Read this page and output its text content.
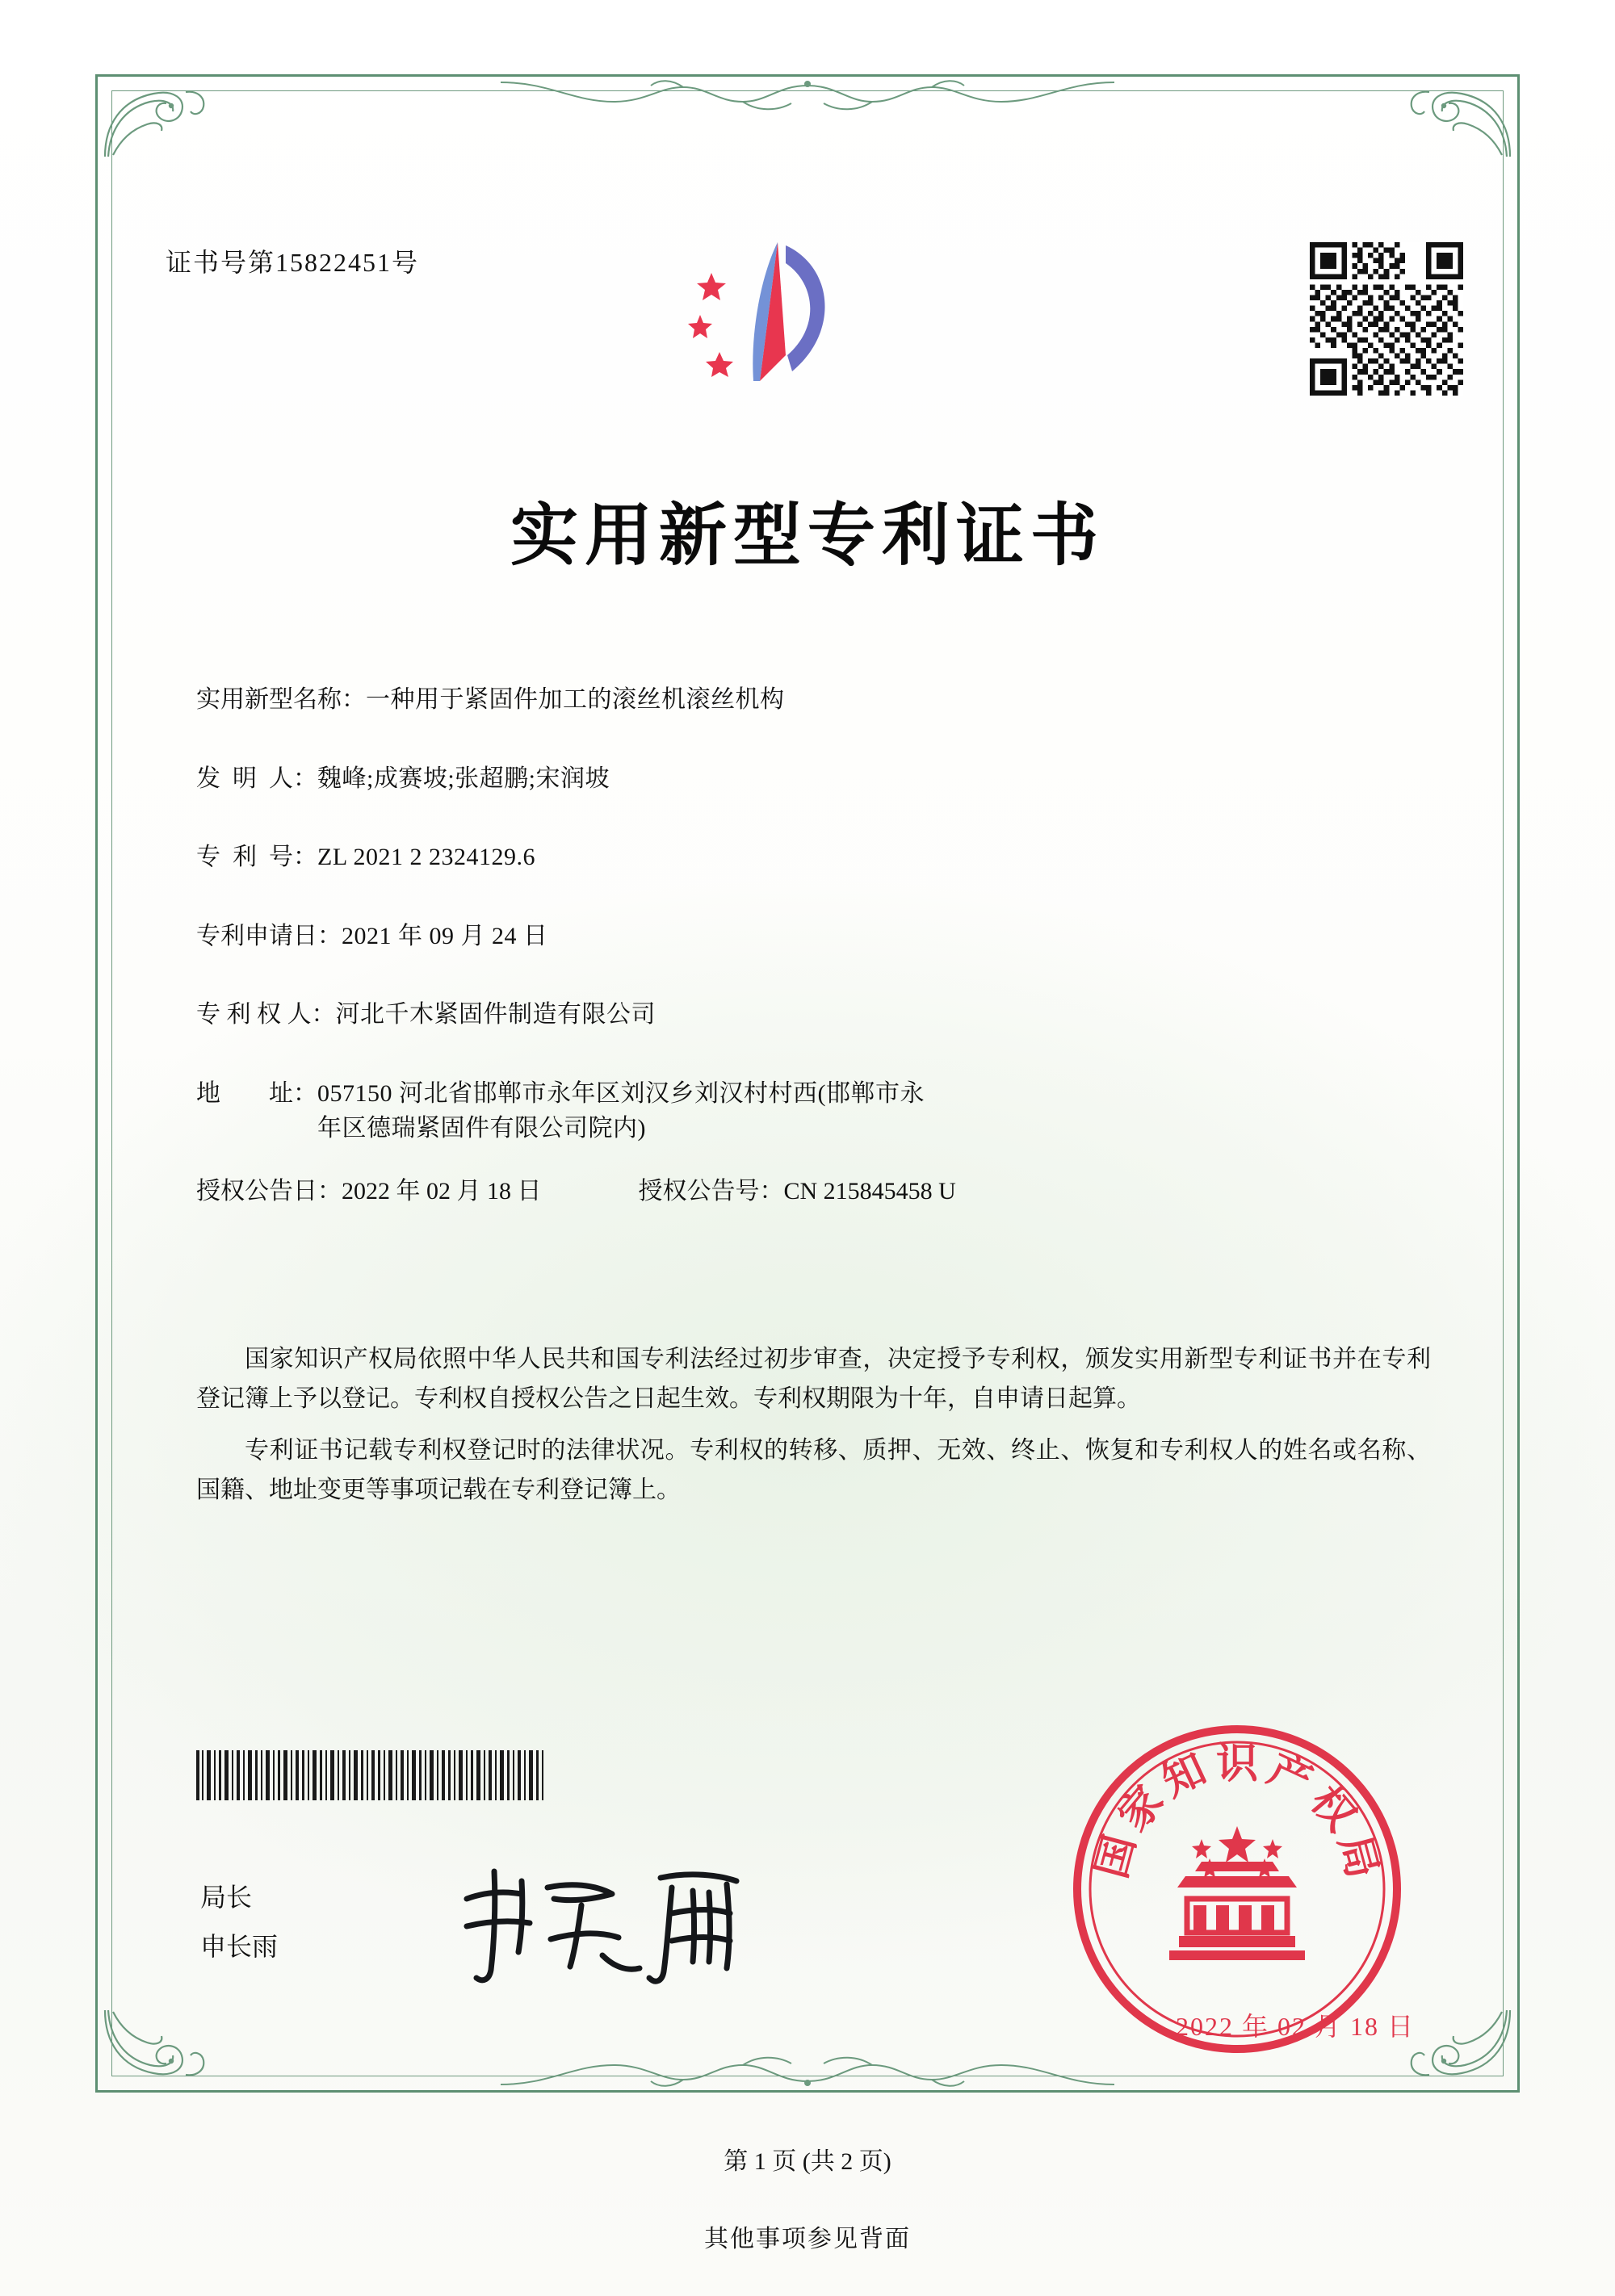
证书号第15822451号
实用新型专利证书
实用新型名称： 一种用于紧固件加工的滚丝机滚丝机构
发  明  人： 魏峰;成赛坡;张超鹏;宋润坡
专  利  号： ZL 2021 2 2324129.6
专利申请日： 2021 年 09 月 24 日
专 利 权 人： 河北千木紧固件制造有限公司
地        址： 057150 河北省邯郸市永年区刘汉乡刘汉村村西(邯郸市永
年区德瑞紧固件有限公司院内)
授权公告日： 2022 年 02 月 18 日	授权公告号： CN 215845458 U

国家知识产权局依照中华人民共和国专利法经过初步审查，决定授予专利权，颁发实用新型专利证书并在专利登记簿上予以登记。专利权自授权公告之日起生效。专利权期限为十年，自申请日起算。

专利证书记载专利权登记时的法律状况。专利权的转移、质押、无效、终止、恢复和专利权人的姓名或名称、国籍、地址变更等事项记载在专利登记簿上。

局长
申长雨
国
家
知 识 产
权
局
2022 年 02 月 18 日
第 1 页 (共 2 页)
其他事项参见背面
